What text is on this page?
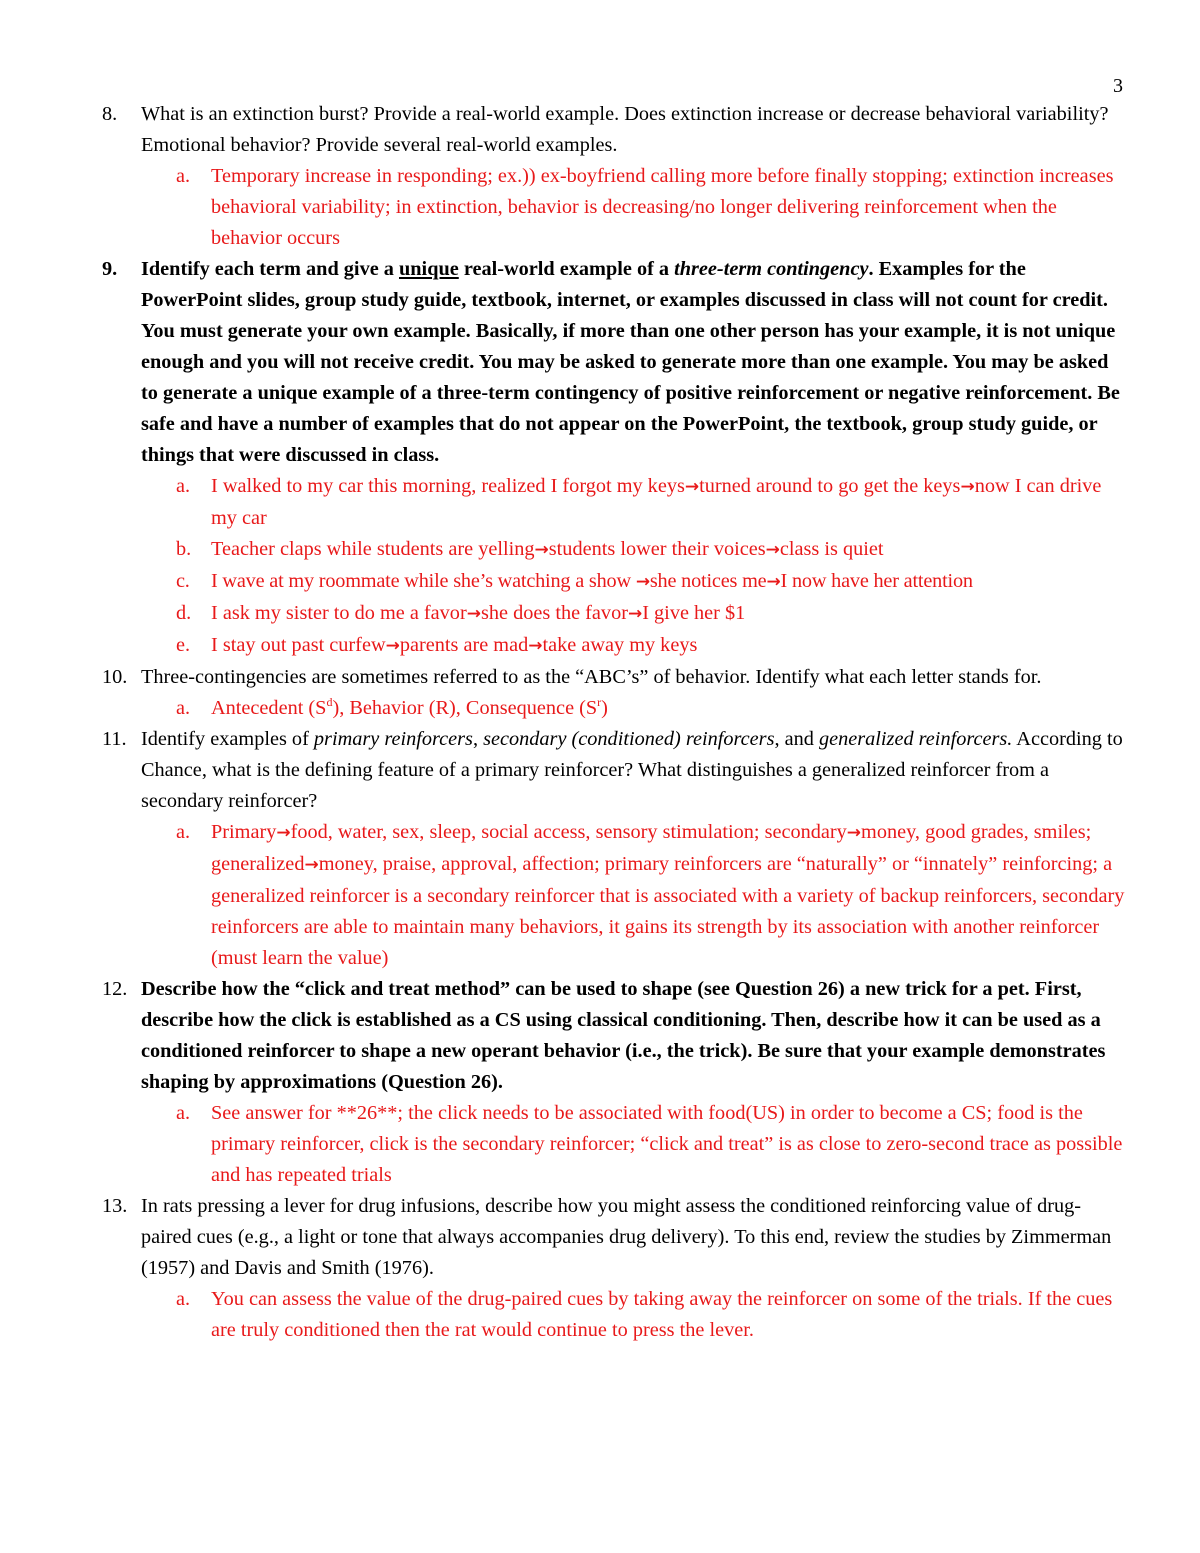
3
8.	What is an extinction burst? Provide a real-world example. Does extinction increase or decrease behavioral variability? Emotional behavior? Provide several real-world examples.
a. Temporary increase in responding; ex.)) ex-boyfriend calling more before finally stopping; extinction increases behavioral variability; in extinction, behavior is decreasing/no longer delivering reinforcement when the behavior occurs
9.	Identify each term and give a unique real-world example of a three-term contingency. Examples for the PowerPoint slides, group study guide, textbook, internet, or examples discussed in class will not count for credit. You must generate your own example. Basically, if more than one other person has your example, it is not unique enough and you will not receive credit. You may be asked to generate more than one example. You may be asked to generate a unique example of a three-term contingency of positive reinforcement or negative reinforcement. Be safe and have a number of examples that do not appear on the PowerPoint, the textbook, group study guide, or things that were discussed in class.
a. I walked to my car this morning, realized I forgot my keys→turned around to go get the keys→now I can drive my car
b. Teacher claps while students are yelling→students lower their voices→class is quiet
c. I wave at my roommate while she’s watching a show →she notices me→I now have her attention
d. I ask my sister to do me a favor→she does the favor→I give her $1
e. I stay out past curfew→parents are mad→take away my keys
10. Three-contingencies are sometimes referred to as the “ABC’s” of behavior. Identify what each letter stands for.
a. Antecedent $(S^d)$, Behavior (R), Consequence $(S^r)$
11. Identify examples of primary reinforcers, secondary (conditioned) reinforcers, and generalized reinforcers. According to Chance, what is the defining feature of a primary reinforcer? What distinguishes a generalized reinforcer from a secondary reinforcer?
a. Primary→food, water, sex, sleep, social access, sensory stimulation; secondary→money, good grades, smiles; generalized→money, praise, approval, affection; primary reinforcers are “naturally” or “innately” reinforcing; a generalized reinforcer is a secondary reinforcer that is associated with a variety of backup reinforcers, secondary reinforcers are able to maintain many behaviors, it gains its strength by its association with another reinforcer (must learn the value)
12. Describe how the “click and treat method” can be used to shape (see Question 26) a new trick for a pet. First, describe how the click is established as a CS using classical conditioning. Then, describe how it can be used as a conditioned reinforcer to shape a new operant behavior (i.e., the trick). Be sure that your example demonstrates shaping by approximations (Question 26).
a. See answer for **26**; the click needs to be associated with food(US) in order to become a CS; food is the primary reinforcer, click is the secondary reinforcer; “click and treat” is as close to zero-second trace as possible and has repeated trials
13. In rats pressing a lever for drug infusions, describe how you might assess the conditioned reinforcing value of drug-paired cues (e.g., a light or tone that always accompanies drug delivery). To this end, review the studies by Zimmerman (1957) and Davis and Smith (1976).
a. You can assess the value of the drug-paired cues by taking away the reinforcer on some of the trials. If the cues are truly conditioned then the rat would continue to press the lever.
